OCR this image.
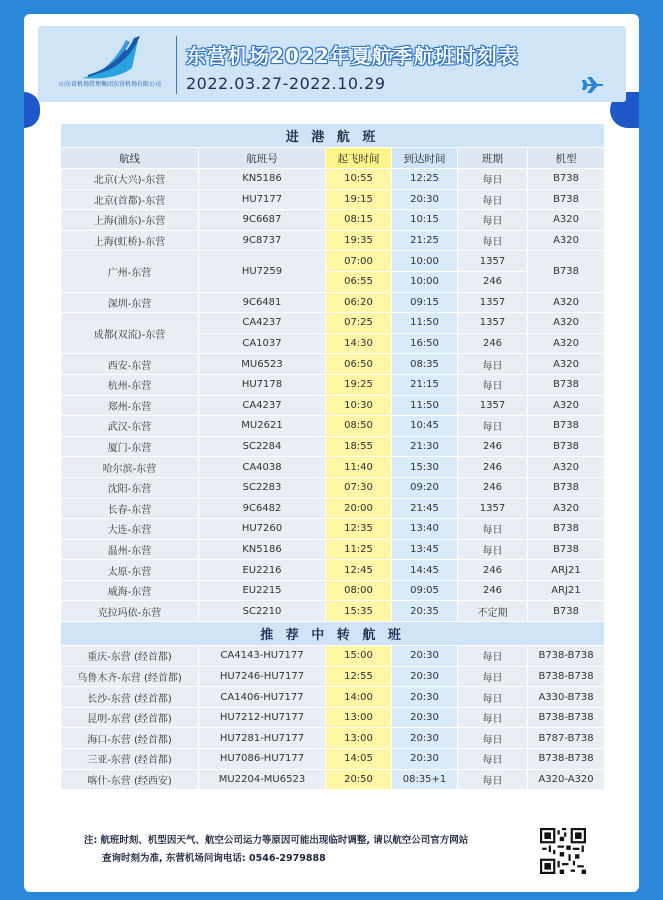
山东省机场管理集团东营机场有限公司
东营机场2022年夏航季航班时刻表
2022.03.27-2022.10.29
进 港 航 班					
航线	航班号	起飞时间	到达时间	班期	机型
北京(大兴)-东营	KN5186	10:55	12:25	每日	B738
北京(首都)-东营	HU7177	19:15	20:30	每日	B738
上海(浦东)-东营	9C6687	08:15	10:15	每日	A320
上海(虹桥)-东营	9C8737	19:35	21:25	每日	A320
广州-东营	HU7259	07:00	10:00	1357	B738
		06:55	10:00	246	
深圳-东营	9C6481	06:20	09:15	1357	A320
成都(双流)-东营	CA4237	07:25	11:50	1357	A320
	CA1037	14:30	16:50	246	A320
西安-东营	MU6523	06:50	08:35	每日	A320
杭州-东营	HU7178	19:25	21:15	每日	B738
郑州-东营	CA4237	10:30	11:50	1357	A320
武汉-东营	MU2621	08:50	10:45	每日	B738
厦门-东营	SC2284	18:55	21:30	246	B738
哈尔滨-东营	CA4038	11:40	15:30	246	A320
沈阳-东营	SC2283	07:30	09:20	246	B738
长春-东营	9C6482	20:00	21:45	1357	A320
大连-东营	HU7260	12:35	13:40	每日	B738
温州-东营	KN5186	11:25	13:45	每日	B738
太原-东营	EU2216	12:45	14:45	246	ARJ21
威海-东营	EU2215	08:00	09:05	246	ARJ21
克拉玛依-东营	SC2210	15:35	20:35	不定期	B738
推 荐 中 转 航 班					
重庆-东营 (经首都)	CA4143-HU7177	15:00	20:30	每日	B738-B738
乌鲁木齐-东营 (经首都)	HU7246-HU7177	12:55	20:30	每日	B738-B738
长沙-东营 (经首都)	CA1406-HU7177	14:00	20:30	每日	A330-B738
昆明-东营 (经首都)	HU7212-HU7177	13:00	20:30	每日	B738-B738
海口-东营 (经首都)	HU7281-HU7177	13:00	20:30	每日	B787-B738
三亚-东营 (经首都)	HU7086-HU7177	14:05	20:30	每日	B738-B738
喀什-东营 (经西安)	MU2204-MU6523	20:50	08:35+1	每日	A320-A320
注: 航班时刻、机型因天气、航空公司运力等原因可能出现临时调整, 请以航空公司官方网站
查询时刻为准, 东营机场问询电话: 0546-2979888
